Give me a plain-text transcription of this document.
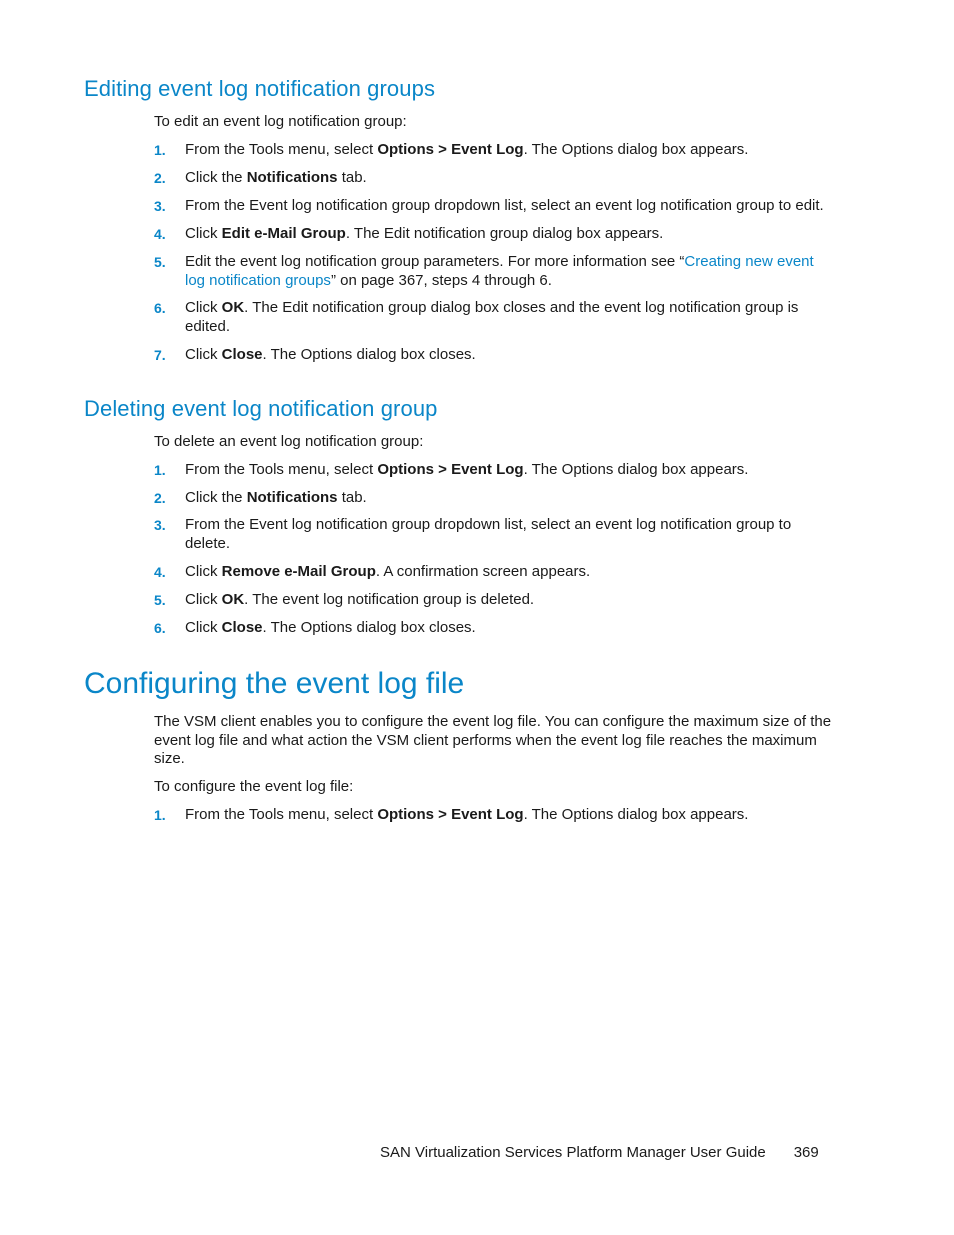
Editing event log notification groups

To edit an event log notification group:

1. From the Tools menu, select Options > Event Log. The Options dialog box appears.
2. Click the Notifications tab.
3. From the Event log notification group dropdown list, select an event log notification group to edit.
4. Click Edit e-Mail Group. The Edit notification group dialog box appears.
5. Edit the event log notification group parameters. For more information see “Creating new event log notification groups” on page 367, steps 4 through 6.
6. Click OK. The Edit notification group dialog box closes and the event log notification group is edited.
7. Click Close. The Options dialog box closes.
Deleting event log notification group

To delete an event log notification group:

1. From the Tools menu, select Options > Event Log. The Options dialog box appears.
2. Click the Notifications tab.
3. From the Event log notification group dropdown list, select an event log notification group to delete.
4. Click Remove e-Mail Group. A confirmation screen appears.
5. Click OK. The event log notification group is deleted.
6. Click Close. The Options dialog box closes.
Configuring the event log file

The VSM client enables you to configure the event log file. You can configure the maximum size of the event log file and what action the VSM client performs when the event log file reaches the maximum size.

To configure the event log file:

1. From the Tools menu, select Options > Event Log. The Options dialog box appears.
SAN Virtualization Services Platform Manager User Guide 369
